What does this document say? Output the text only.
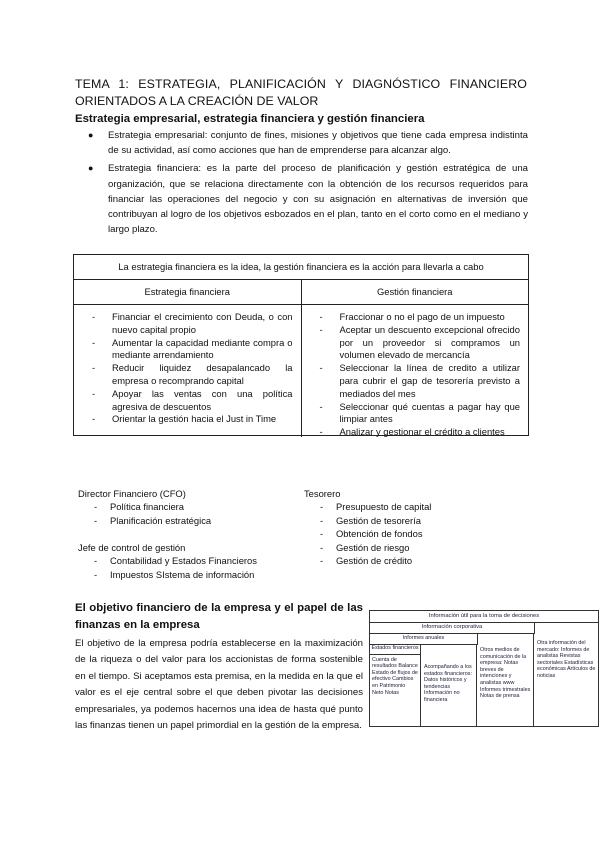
TEMA 1: ESTRATEGIA, PLANIFICACIÓN Y DIAGNÓSTICO FINANCIERO
ORIENTADOS A LA CREACIÓN DE VALOR
Estrategia empresarial, estrategia financiera y gestión financiera
● Estrategia empresarial: conjunto de fines, misiones y objetivos que tiene cada empresa indistinta de su actividad, así como acciones que han de emprenderse para alcanzar algo.
● Estrategia financiera: es la parte del proceso de planificación y gestión estratégica de una organización, que se relaciona directamente con la obtención de los recursos requeridos para financiar las operaciones del negocio y con su asignación en alternativas de inversión que contribuyan al logro de los objetivos esbozados en el plan, tanto en el corto como en el mediano y largo plazo.
La estrategia financiera es la idea, la gestión financiera es la acción para llevarla a cabo
Estrategia financiera	Gestión financiera
- Financiar el crecimiento con Deuda, o con nuevo capital propio
- Aumentar la capacidad mediante compra o mediante arrendamiento
- Reducir liquidez desapalancado la empresa o recomprando capital
- Apoyar las ventas con una política agresiva de descuentos
- Orientar la gestión hacia el Just in Time
- Fraccionar o no el pago de un impuesto
- Aceptar un descuento excepcional ofrecido por un proveedor si compramos un volumen elevado de mercancía
- Seleccionar la línea de credito a utilizar para cubrir el gap de tesorería previsto a mediados del mes
- Seleccionar qué cuentas a pagar hay que limpiar antes
- Analizar y gestionar el crédito a clientes
Director Financiero (CFO)
- Política financiera
- Planificación estratégica
Jefe de control de gestión
- Contabilidad y Estados Financieros
- Impuestos SIstema de información
Tesorero
- Presupuesto de capital
- Gestión de tesorería
- Obtención de fondos
- Gestión de riesgo
- Gestión de crédito
El objetivo financiero de la empresa y el papel de las finanzas en la empresa
El objetivo de la empresa podría establecerse en la maximización de la riqueza o del valor para los accionistas de forma sostenible en el tiempo. Si aceptamos esta premisa, en la medida en la que el valor es el eje central sobre el que deben pivotar las decisiones empresariales, ya podemos hacernos una idea de hasta qué punto las finanzas tienen un papel primordial en la gestión de la empresa.
Información útil para la toma de decisiones
Información corporativa
Informes anuales
Estados financieros
Cuenta de resultados Balance Estado de flujos de efectivo Cambios en Patrimonio Neto Notas
Acompañando a los estados financieros: Datos históricos y tendencias Información no financiera
Otros medios de comunicación de la empresa: Notas breves de intenciones y analistas www Informes trimestrales Notas de prensa
Otra información del mercado: Informes de analistas Revistas sectoriales Estadísticas económicas Artículos de noticias
